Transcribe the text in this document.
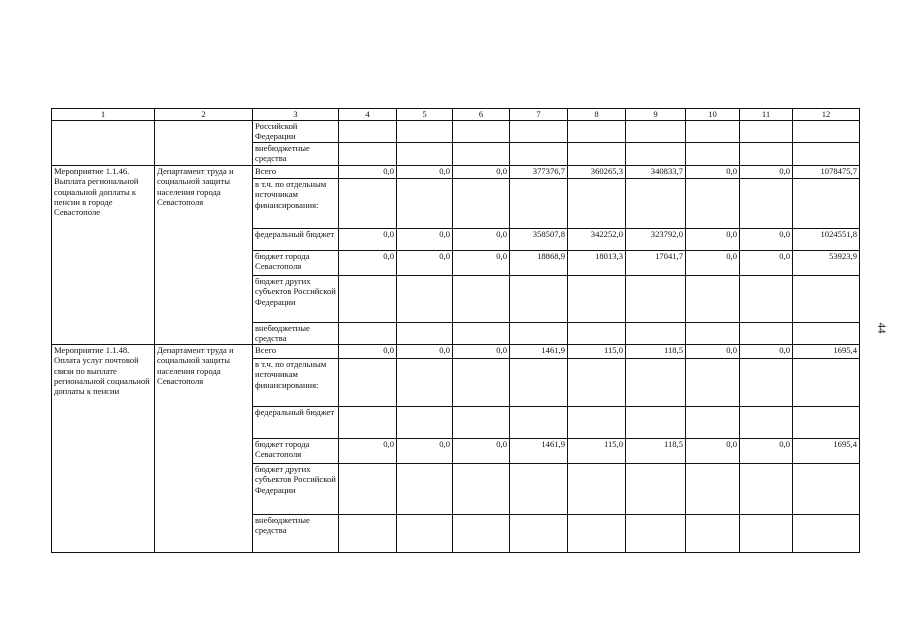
44
1	2	3	4	5	6	7	8	9	10	11	12
		Российской Федерации									
		внебюджетные средства									
Мероприятие 1.1.46.
Выплата региональной социальной доплаты к пенсии в городе Севастополе	Департамент труда и социальной защиты населения города Севастополя	Всего	0,0	0,0	0,0	377376,7	360265,3	340833,7	0,0	0,0	1078475,7
		в т.ч. по отдельным источникам финансирования:									
		федеральный бюджет	0,0	0,0	0,0	358507,8	342252,0	323792,0	0,0	0,0	1024551,8
		бюджет города Севастополя	0,0	0,0	0,0	18868,9	18013,3	17041,7	0,0	0,0	53923,9
		бюджет других субъектов Российской Федерации									
		внебюджетные средства									
Мероприятие 1.1.48.
Оплата услуг почтовой связи по выплате региональной социальной доплаты к пенсии	Департамент труда и социальной защиты населения города Севастополя	Всего	0,0	0,0	0,0	1461,9	115,0	118,5	0,0	0,0	1695,4
		в т.ч. по отдельным источникам финансирования:									
		федеральный бюджет									
		бюджет города Севастополя	0,0	0,0	0,0	1461,9	115,0	118,5	0,0	0,0	1695,4
		бюджет других субъектов Российской Федерации									
		внебюджетные средства									
